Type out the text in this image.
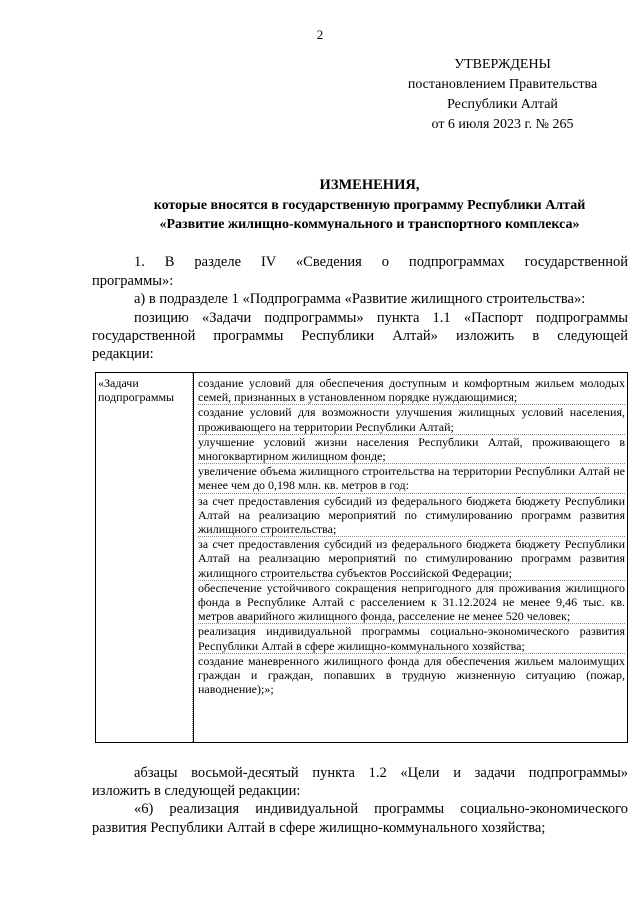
2
УТВЕРЖДЕНЫ
постановлением Правительства
Республики Алтай
от 6 июля 2023 г. № 265
ИЗМЕНЕНИЯ,
которые вносятся в государственную программу Республики Алтай
«Развитие жилищно-коммунального и транспортного комплекса»
1. В разделе IV «Сведения о подпрограммах государственной
программы»:
а) в подразделе 1 «Подпрограмма «Развитие жилищного строительства»:
позицию «Задачи подпрограммы» пункта 1.1 «Паспорт подпрограммы
государственной программы Республики Алтай» изложить в следующей
редакции:
«Задачи подпрограммы
создание условий для обеспечения доступным и комфортным жильем молодых семей, признанных в установленном порядке нуждающимися;
создание условий для возможности улучшения жилищных условий населения, проживающего на территории Республики Алтай;
улучшение условий жизни населения Республики Алтай, проживающего в многоквартирном жилищном фонде;
увеличение объема жилищного строительства на территории Республики Алтай не менее чем до 0,198 млн. кв. метров в год:
за счет предоставления субсидий из федерального бюджета бюджету Республики Алтай на реализацию мероприятий по стимулированию программ развития жилищного строительства;
за счет предоставления субсидий из федерального бюджета бюджету Республики Алтай на реализацию мероприятий по стимулированию программ развития жилищного строительства субъектов Российской Федерации;
обеспечение устойчивого сокращения непригодного для проживания жилищного фонда в Республике Алтай с расселением к 31.12.2024 не менее 9,46 тыс. кв. метров аварийного жилищного фонда, расселение не менее 520 человек;
реализация индивидуальной программы социально-экономического развития Республики Алтай в сфере жилищно-коммунального хозяйства;
создание маневренного жилищного фонда для обеспечения жильем малоимущих граждан и граждан, попавших в трудную жизненную ситуацию (пожар, наводнение);»;
абзацы восьмой-десятый пункта 1.2 «Цели и задачи подпрограммы»
изложить в следующей редакции:
«6) реализация индивидуальной программы социально-экономического
развития Республики Алтай в сфере жилищно-коммунального хозяйства;
